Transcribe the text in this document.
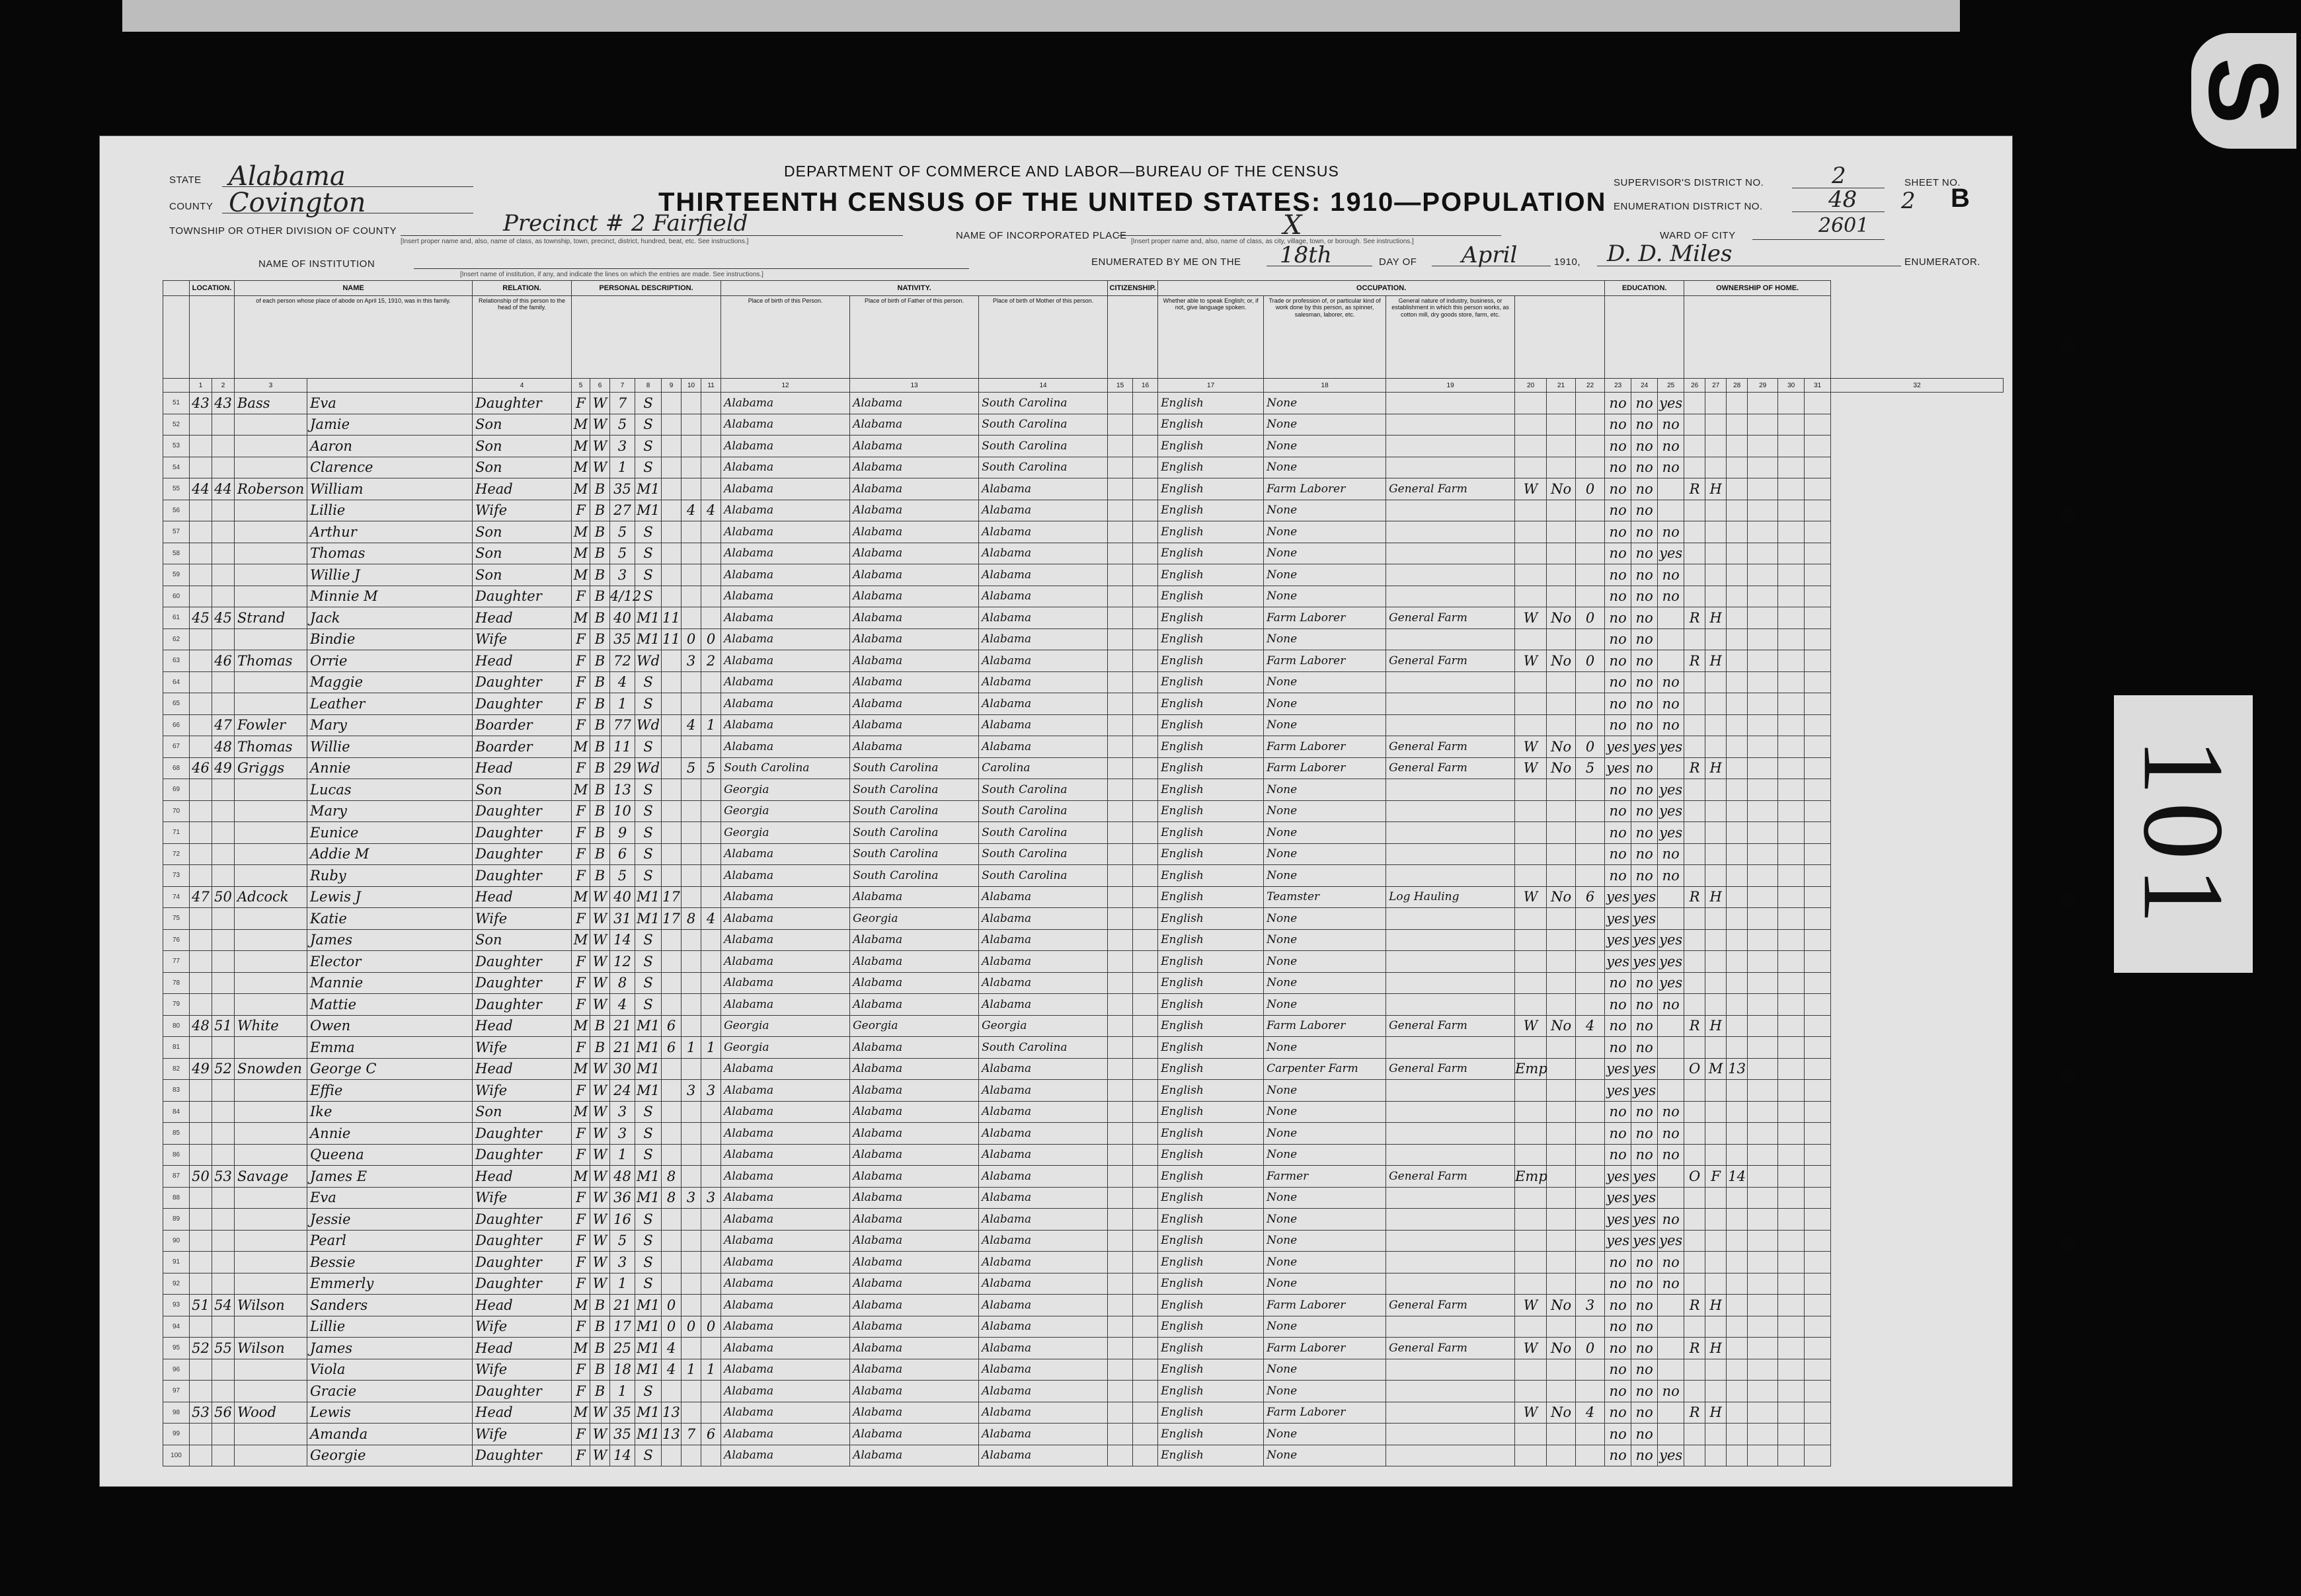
STATE Alabama
COUNTY Covington
TOWNSHIP OR OTHER DIVISION OF COUNTY	Precinct # 2 Fairfield
[Insert proper name and, also, name of class, as township, town, precinct, district, hundred, beat, etc. See instructions.]
NAME OF INCORPORATED PLACE	X
[Insert proper name and, also, name of class, as city, village, town, or borough. See instructions.]
NAME OF INSTITUTION
[Insert name of institution, if any, and indicate the lines on which the entries are made. See instructions.]
ENUMERATED BY ME ON THE 18th	DAY OF April	1910, D. D. Miles	ENUMERATOR.
DEPARTMENT OF COMMERCE AND LABOR—BUREAU OF THE CENSUS
THIRTEENTH CENSUS OF THE UNITED STATES: 1910—POPULATION
SUPERVISOR'S DISTRICT NO.	2
ENUMERATION DISTRICT NO.	48
SHEET NO.
2 B
WARD OF CITY	2601
	LOCATION.		NAME		RELATION.	PERSONAL DESCRIPTION.							NATIVITY.			CITIZENSHIP.		OCCUPATION.						EDUCATION.			OWNERSHIP OF HOME.						
			of each person whose place of abode on April 15, 1910, was in this family.		Relationship of this person to the head of the family.								Place of birth of this Person.	Place of birth of Father of this person.	Place of birth of Mother of this person.			Whether able to speak English; or, if not, give language spoken.	Trade or profession of, or particular kind of work done by this person, as spinner, salesman, laborer, etc.	General nature of industry, business, or establishment in which this person works, as cotton mill, dry goods store, farm, etc.													
	1	2	3		4	5	6	7	8	9	10	11	12	13	14	15	16	17	18	19	20	21	22	23	24	25	26	27	28	29	30	31	32
51	43	43	Bass	Eva	Daughter	F	W	7	S				Alabama	Alabama	South Carolina			English	None					no	no	yes							
52				Jamie	Son	M	W	5	S				Alabama	Alabama	South Carolina			English	None					no	no	no							
53				Aaron	Son	M	W	3	S				Alabama	Alabama	South Carolina			English	None					no	no	no							
54				Clarence	Son	M	W	1	S				Alabama	Alabama	South Carolina			English	None					no	no	no							
55	44	44	Roberson	William	Head	M	B	35	M1				Alabama	Alabama	Alabama			English	Farm Laborer	General Farm	W	No	0	no	no		R	H					
56				Lillie	Wife	F	B	27	M1		4	4	Alabama	Alabama	Alabama			English	None					no	no								
57				Arthur	Son	M	B	5	S				Alabama	Alabama	Alabama			English	None					no	no	no							
58				Thomas	Son	M	B	5	S				Alabama	Alabama	Alabama			English	None					no	no	yes							
59				Willie J	Son	M	B	3	S				Alabama	Alabama	Alabama			English	None					no	no	no							
60				Minnie M	Daughter	F	B	4/12	S				Alabama	Alabama	Alabama			English	None					no	no	no							
61	45	45	Strand	Jack	Head	M	B	40	M1	11			Alabama	Alabama	Alabama			English	Farm Laborer	General Farm	W	No	0	no	no		R	H					
62				Bindie	Wife	F	B	35	M1	11	0	0	Alabama	Alabama	Alabama			English	None					no	no								
63		46	Thomas	Orrie	Head	F	B	72	Wd		3	2	Alabama	Alabama	Alabama			English	Farm Laborer	General Farm	W	No	0	no	no		R	H					
64				Maggie	Daughter	F	B	4	S				Alabama	Alabama	Alabama			English	None					no	no	no							
65				Leather	Daughter	F	B	1	S				Alabama	Alabama	Alabama			English	None					no	no	no							
66		47	Fowler	Mary	Boarder	F	B	77	Wd		4	1	Alabama	Alabama	Alabama			English	None					no	no	no							
67		48	Thomas	Willie	Boarder	M	B	11	S				Alabama	Alabama	Alabama			English	Farm Laborer	General Farm	W	No	0	yes	yes	yes							
68	46	49	Griggs	Annie	Head	F	B	29	Wd		5	5	South Carolina	South Carolina	Carolina			English	Farm Laborer	General Farm	W	No	5	yes	no		R	H					
69				Lucas	Son	M	B	13	S				Georgia	South Carolina	South Carolina			English	None					no	no	yes							
70				Mary	Daughter	F	B	10	S				Georgia	South Carolina	South Carolina			English	None					no	no	yes							
71				Eunice	Daughter	F	B	9	S				Georgia	South Carolina	South Carolina			English	None					no	no	yes							
72				Addie M	Daughter	F	B	6	S				Alabama	South Carolina	South Carolina			English	None					no	no	no							
73				Ruby	Daughter	F	B	5	S				Alabama	South Carolina	South Carolina			English	None					no	no	no							
74	47	50	Adcock	Lewis J	Head	M	W	40	M1	17			Alabama	Alabama	Alabama			English	Teamster	Log Hauling	W	No	6	yes	yes		R	H					
75				Katie	Wife	F	W	31	M1	17	8	4	Alabama	Georgia	Alabama			English	None					yes	yes								
76				James	Son	M	W	14	S				Alabama	Alabama	Alabama			English	None					yes	yes	yes							
77				Elector	Daughter	F	W	12	S				Alabama	Alabama	Alabama			English	None					yes	yes	yes							
78				Mannie	Daughter	F	W	8	S				Alabama	Alabama	Alabama			English	None					no	no	yes							
79				Mattie	Daughter	F	W	4	S				Alabama	Alabama	Alabama			English	None					no	no	no							
80	48	51	White	Owen	Head	M	B	21	M1	6			Georgia	Georgia	Georgia			English	Farm Laborer	General Farm	W	No	4	no	no		R	H					
81				Emma	Wife	F	B	21	M1	6	1	1	Georgia	Alabama	South Carolina			English	None					no	no								
82	49	52	Snowden	George C	Head	M	W	30	M1				Alabama	Alabama	Alabama			English	Carpenter Farm	General Farm	Emp			yes	yes		O	M	13				
83				Effie	Wife	F	W	24	M1		3	3	Alabama	Alabama	Alabama			English	None					yes	yes								
84				Ike	Son	M	W	3	S				Alabama	Alabama	Alabama			English	None					no	no	no							
85				Annie	Daughter	F	W	3	S				Alabama	Alabama	Alabama			English	None					no	no	no							
86				Queena	Daughter	F	W	1	S				Alabama	Alabama	Alabama			English	None					no	no	no							
87	50	53	Savage	James E	Head	M	W	48	M1	8			Alabama	Alabama	Alabama			English	Farmer	General Farm	Emp			yes	yes		O	F	14				
88				Eva	Wife	F	W	36	M1	8	3	3	Alabama	Alabama	Alabama			English	None					yes	yes								
89				Jessie	Daughter	F	W	16	S				Alabama	Alabama	Alabama			English	None					yes	yes	no							
90				Pearl	Daughter	F	W	5	S				Alabama	Alabama	Alabama			English	None					yes	yes	yes							
91				Bessie	Daughter	F	W	3	S				Alabama	Alabama	Alabama			English	None					no	no	no							
92				Emmerly	Daughter	F	W	1	S				Alabama	Alabama	Alabama			English	None					no	no	no							
93	51	54	Wilson	Sanders	Head	M	B	21	M1	0			Alabama	Alabama	Alabama			English	Farm Laborer	General Farm	W	No	3	no	no		R	H					
94				Lillie	Wife	F	B	17	M1	0	0	0	Alabama	Alabama	Alabama			English	None					no	no								
95	52	55	Wilson	James	Head	M	B	25	M1	4			Alabama	Alabama	Alabama			English	Farm Laborer	General Farm	W	No	0	no	no		R	H					
96				Viola	Wife	F	B	18	M1	4	1	1	Alabama	Alabama	Alabama			English	None					no	no								
97				Gracie	Daughter	F	B	1	S				Alabama	Alabama	Alabama			English	None					no	no	no							
98	53	56	Wood	Lewis	Head	M	W	35	M1	13			Alabama	Alabama	Alabama			English	Farm Laborer		W	No	4	no	no		R	H					
99				Amanda	Wife	F	W	35	M1	13	7	6	Alabama	Alabama	Alabama			English	None					no	no								
100				Georgie	Daughter	F	W	14	S				Alabama	Alabama	Alabama			English	None					no	no	yes							
101
S
